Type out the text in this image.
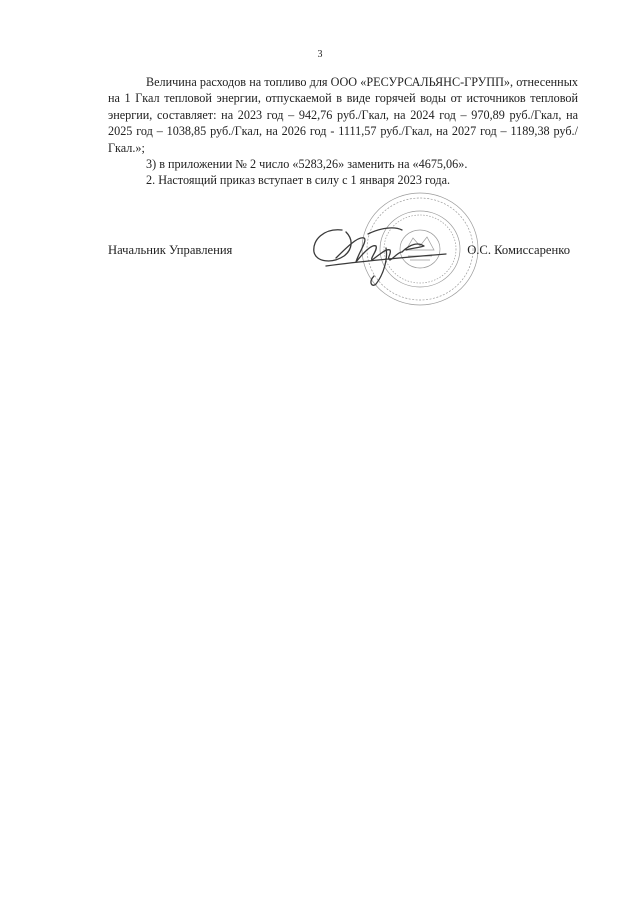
3

Величина расходов на топливо для ООО «РЕСУРСАЛЬЯНС-ГРУПП», отнесенных на 1 Гкал тепловой энергии, отпускаемой в виде горячей воды от источников тепловой энергии, составляет: на 2023 год – 942,76 руб./Гкал, на 2024 год – 970,89 руб./Гкал, на 2025 год – 1038,85 руб./Гкал, на 2026 год - 1111,57 руб./Гкал, на 2027 год – 1189,38 руб./Гкал.»;

3) в приложении № 2 число «5283,26» заменить на «4675,06».

2. Настоящий приказ вступает в силу с 1 января 2023 года.

Начальник Управления	О.С. Комиссаренко
